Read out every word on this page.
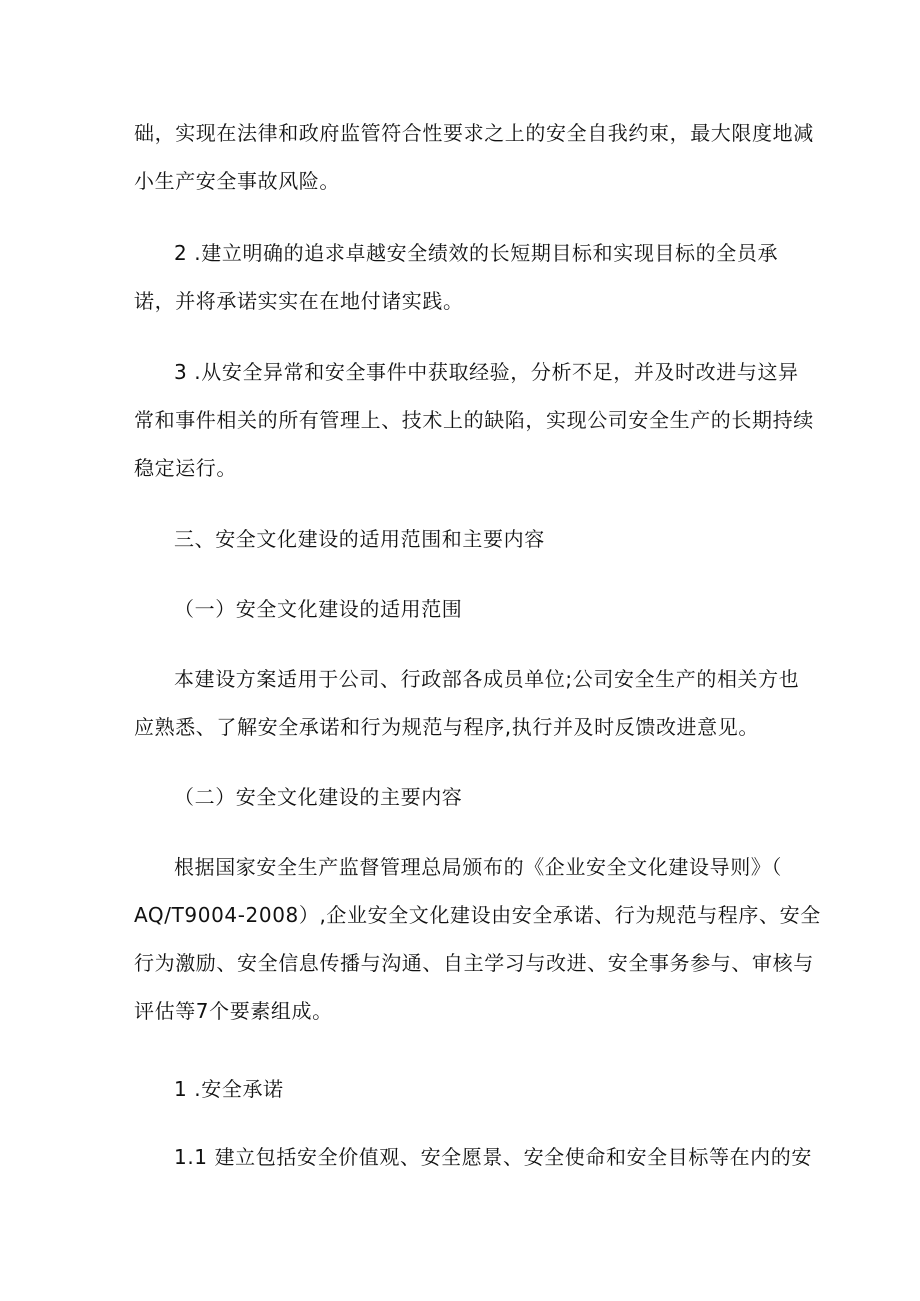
础，实现在法律和政府监管符合性要求之上的安全自我约束，最大限度地减
小生产安全事故风险。
2 .建立明确的追求卓越安全绩效的长短期目标和实现目标的全员承
诺，并将承诺实实在在地付诸实践。
3 .从安全异常和安全事件中获取经验，分析不足，并及时改进与这异
常和事件相关的所有管理上、技术上的缺陷，实现公司安全生产的长期持续
稳定运行。
三、安全文化建设的适用范围和主要内容
（一）安全文化建设的适用范围
本建设方案适用于公司、行政部各成员单位;公司安全生产的相关方也
应熟悉、了解安全承诺和行为规范与程序,执行并及时反馈改进意见。
（二）安全文化建设的主要内容
根据国家安全生产监督管理总局颁布的《企业安全文化建设导则》（
AQ/T9004-2008）,企业安全文化建设由安全承诺、行为规范与程序、安全
行为激励、安全信息传播与沟通、自主学习与改进、安全事务参与、审核与
评估等7个要素组成。
1 .安全承诺
1.1 建立包括安全价值观、安全愿景、安全使命和安全目标等在内的安
